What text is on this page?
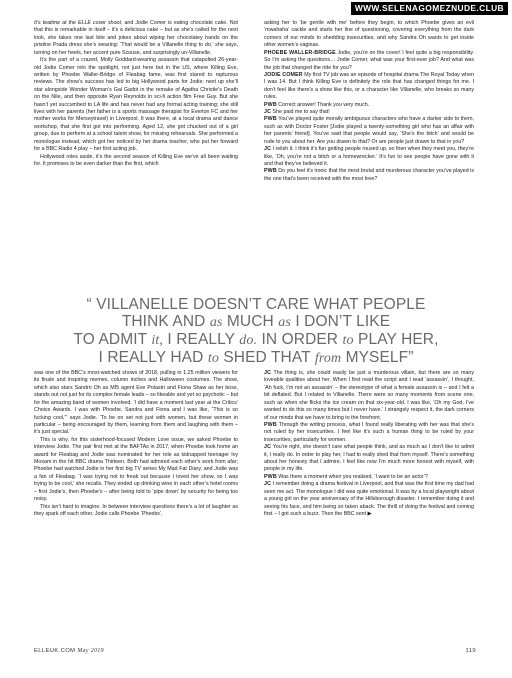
WWW.SELENAGOMEZNUDE.CLUB

It’s teatime at the ELLE cover shoot, and Jodie Comer is eating chocolate cake. Not that this is remarkable in itself – it’s a delicious cake – but as she’s called for the next look, she takes one last bite and jokes about wiping her chocolatey hands on the pristine Prada dress she’s wearing: ‘That would be a Villanelle thing to do,’ she says, turning on her heels, her accent pure Scouse, and surprisingly un-Villanelle.

It’s the part of a crazed, Molly Goddard-wearing assassin that catapulted 26-year-old Jodie Comer into the spotlight, not just here but in the US, where Killing Eve, written by Phoebe Waller-Bridge of Fleabag fame, was first stared to rapturous reviews. The show’s success has led to big Hollywood parts for Jodie: next up she’ll star alongside Wonder Woman’s Gal Gadot in the remake of Agatha Christie’s Death on the Nile, and then opposite Ryan Reynolds in sci-fi action film Free Guy. But she hasn’t yet succumbed to LA life and has never had any formal acting training; she still lives with her parents (her father is a sports massage therapist for Everton FC and her mother works for Merseytravel) in Liverpool. It was there, at a local drama and dance workshop, that she first got into performing. Aged 12, she got chucked out of a girl group, due to perform at a school talent show, for missing rehearsals. She performed a monologue instead, which got her noticed by her drama teacher, who put her forward for a BBC Radio 4 play – her first acting job.

Hollywood roles aside, it’s the second season of Killing Eve we’ve all been waiting for. It promises to be even darker than the first, which

asking her to ‘be gentle with me’ before they begin, to which Phoebe gives an evil ‘mwahaha’ cackle and starts her line of questioning, covering everything from the dark corners of our minds to shedding insecurities, and why Sandra Oh wants to get inside other women’s vaginas.

PHOEBE WALLER-BRIDGE Jodie, you’re on the cover! I feel quite a big responsibility. So I’m asking the questions… Jodie Comer, what was your first-ever job? And what was the job that changed the ride for you?

JODIE COMER My first TV job was an episode of hospital drama The Royal Today when I was 14. But I think Killing Eve is definitely the role that has changed things for me. I don’t feel like there’s a show like this, or a character like Villanelle, who breaks so many rules.

PWB Correct answer! Thank you very much.

JC She paid me to say that!

PWB You’ve played quite morally ambiguous characters who have a darker side to them, such as with Doctor Foster [Jodie played a twenty-something girl who has an affair with her parents’ friend]. You’ve said that people would say, ‘She’s the bitch’ and would be rude to you about her. Are you drawn to that? Or are people just drawn to that in you?

JC I relish it. I think it’s fun getting people roused up, so then when they meet you, they’re like, ‘Oh, you’re not a bitch or a homewrecker.’ It’s fun to see people have gone with it and that they’ve believed it.

PWB Do you feel it’s ironic that the most brutal and murderous character you’ve played is the one that’s been received with the most love?

“ VILLANELLE DOESN’T CARE WHAT PEOPLE
THINK AND as MUCH as I DON’T LIKE
TO ADMIT it, I REALLY do. IN ORDER to PLAY HER,
I REALLY HAD to SHED THAT from MYSELF”

was one of the BBC’s most-watched shows of 2018, pulling in 1.25 million viewers for its finale and inspiring memes, column inches and Halloween costumes. The show, which also stars Sandro Oh as MI5 agent Eve Polastri and Fiona Shaw as her boss, stands out not just for its complex female leads – so likeable and yet so psychotic – but for the amazing band of women involved. ‘I did have a moment last year at the Critics’ Choice Awards. I was with Phoebe, Sandra and Fiona and I was like, “This is so fucking cool,”’ says Jodie. ‘To be on set not just with women, but these women in particular – being encouraged by them, learning from them and laughing with them – it’s just special.’

This is why, for this sisterhood-focused Modern Love issue, we asked Phoebe to interview Jodie. The pair first met at the BAFTAs in 2017, when Phoebe took home an award for Fleabag and Jodie was nominated for her role as kidnapped teenager Ivy Moxam in the hit BBC drama Thirteen. Both had admired each other’s work from afar; Phoebe had watched Jodie in her first big TV series My Mad Fat Diary, and Jodie was a fan of Fleabag. ‘I was trying not to freak out because I loved her show, so I was trying to be cool,’ she recalls. They ended up drinking wine in each other’s hotel rooms – first Jodie’s, then Phoebe’s – after being told to ‘pipe down’ by security for being too noisy.

This isn’t hard to imagine. In between interview questions there’s a lot of laughter as they spark off each other. Jodie calls Phoebe ‘Pheebs’,

JC The thing is, she could easily be just a murderous villain, but there are so many loveable qualities about her. When I first read the script and I read ‘assassin’, I thought, ‘Ah fuck, I’m not an assassin’ – the stereotype of what a female assassin is – and I felt a bit deflated. But I related to Villanelle. There were so many moments from scene one, such as when she flicks the ice cream on that six-year-old. I was like, ‘Oh my God, I’ve wanted to do this so many times but I never have.’ I strangely respect it, the dark corners of our minds that we have to bring to the forefront.

PWB Through the writing process, what I found really liberating with her was that she’s not ruled by her insecurities. I feel like it’s such a human thing to be ruled by your insecurities, particularly for women.

JC You’re right, she doesn’t care what people think, and as much as I don’t like to admit it, I really do. In order to play her, I had to really shed that from myself. There’s something about her honesty that I admire. I feel like now I’m much more honest with myself, with people in my life.

PWB Was there a moment when you realised, ‘I want to be an actor’?

JC I remember doing a drama festival in Liverpool, and that was the first time my dad had seen me act. The monologue I did was quite emotional. It was by a local playwright about a young girl on the year anniversary of the Hillsborough disaster. I remember doing it and seeing his face, and him being so taken aback. The thrill of doing the festival and coming first – I got such a buzz. Then the BBC sent ▶

ELLEUK.COM May 2019	119
